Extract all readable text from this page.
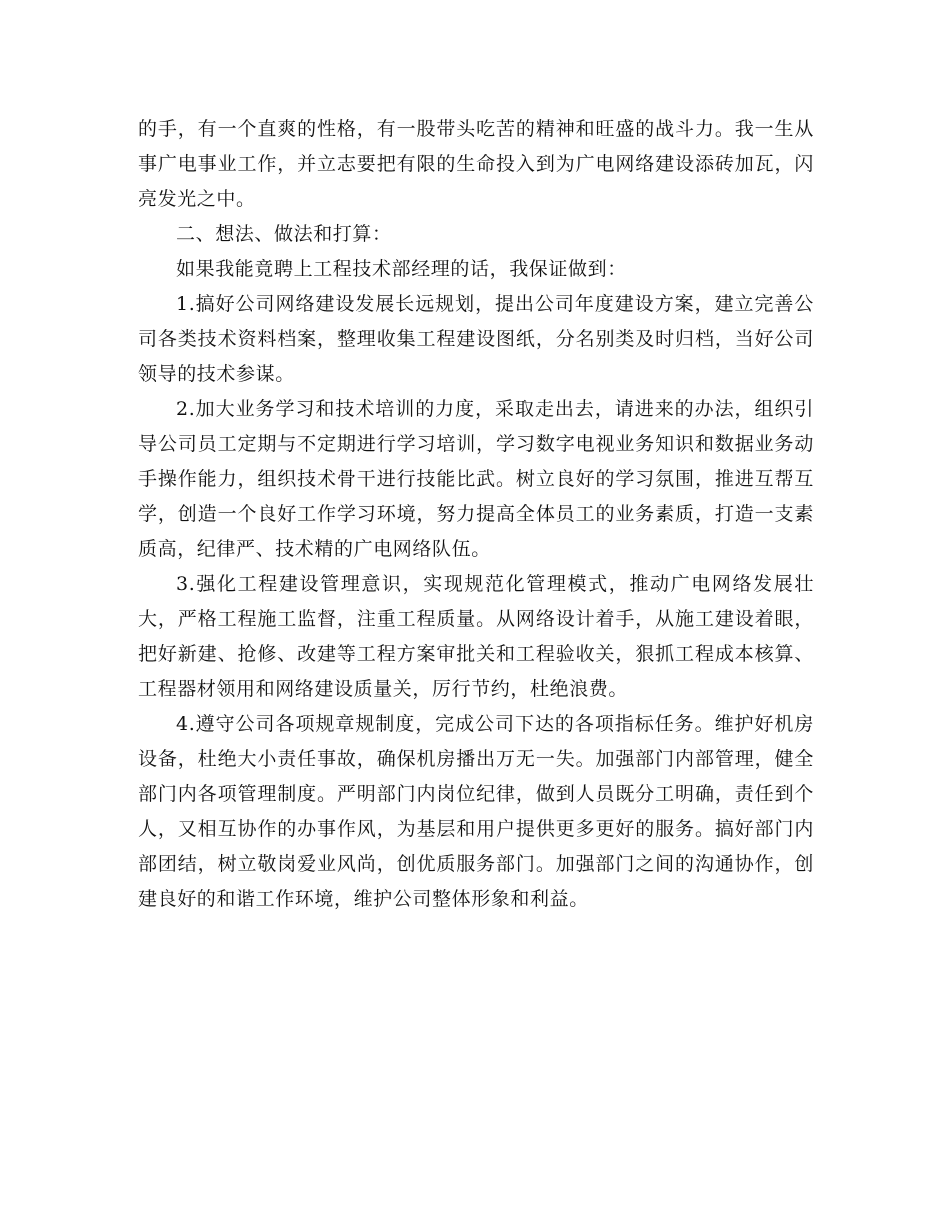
的手，有一个直爽的性格，有一股带头吃苦的精神和旺盛的战斗力。我一生从事广电事业工作，并立志要把有限的生命投入到为广电网络建设添砖加瓦，闪亮发光之中。

二、想法、做法和打算：

如果我能竟聘上工程技术部经理的话，我保证做到：

1.搞好公司网络建设发展长远规划，提出公司年度建设方案，建立完善公司各类技术资料档案，整理收集工程建设图纸，分名别类及时归档，当好公司领导的技术参谋。

2.加大业务学习和技术培训的力度，采取走出去，请进来的办法，组织引导公司员工定期与不定期进行学习培训，学习数字电视业务知识和数据业务动手操作能力，组织技术骨干进行技能比武。树立良好的学习氛围，推进互帮互学，创造一个良好工作学习环境，努力提高全体员工的业务素质，打造一支素质高，纪律严、技术精的广电网络队伍。

3.强化工程建设管理意识，实现规范化管理模式，推动广电网络发展壮大，严格工程施工监督，注重工程质量。从网络设计着手，从施工建设着眼，把好新建、抢修、改建等工程方案审批关和工程验收关，狠抓工程成本核算、工程器材领用和网络建设质量关，厉行节约，杜绝浪费。

4.遵守公司各项规章规制度，完成公司下达的各项指标任务。维护好机房设备，杜绝大小责任事故，确保机房播出万无一失。加强部门内部管理，健全部门内各项管理制度。严明部门内岗位纪律，做到人员既分工明确，责任到个人，又相互协作的办事作风，为基层和用户提供更多更好的服务。搞好部门内部团结，树立敬岗爱业风尚，创优质服务部门。加强部门之间的沟通协作，创建良好的和谐工作环境，维护公司整体形象和利益。
